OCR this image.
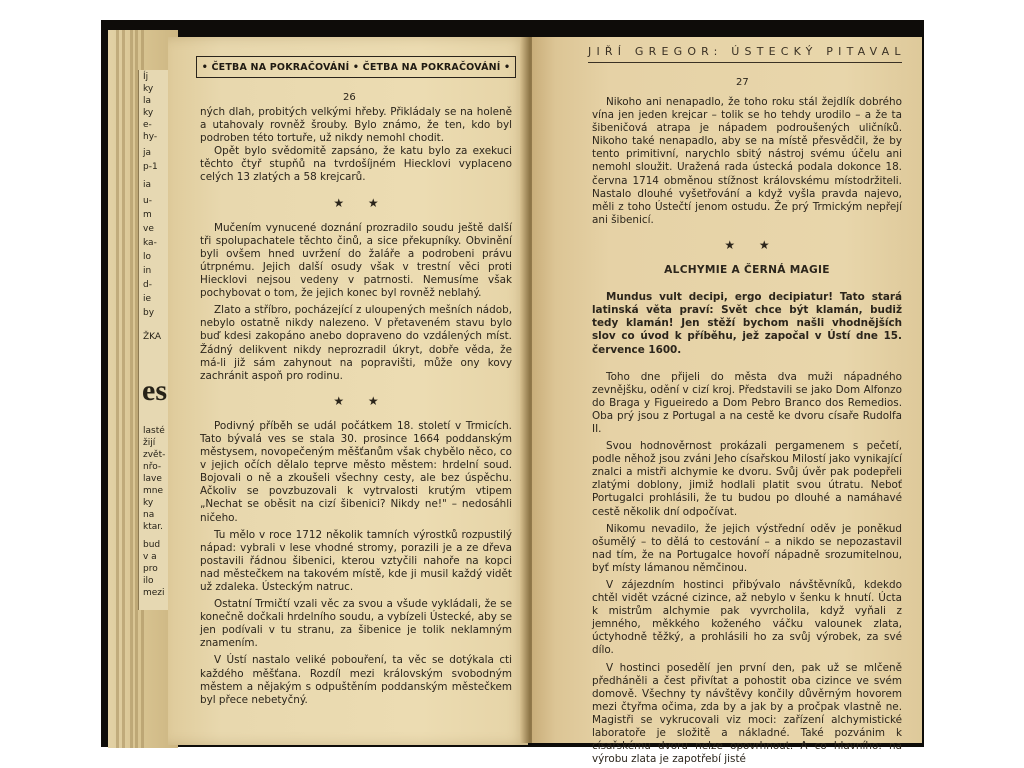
Íj
ky
la
ky
e-
hy-
ja
p-1
ia
u-
m
ve
ka-
lo
in
d-
ie
by
ŽKA
es
lasté
žijí
zvět-
nřo-
lave
mne
ky
na
ktar.
bud
v a
pro
ilo
mezi
• ČETBA NA POKRAČOVÁNÍ • ČETBA NA POKRAČOVÁNÍ •
26

ných dlah, probitých velkými hřeby. Přikládaly se na holeně a utahovaly rovněž šrouby. Bylo známo, že ten, kdo byl podroben této tortuře, už nikdy nemohl chodit.

Opět bylo svědomitě zapsáno, že katu bylo za exekuci těchto čtyř stupňů na tvrdošíjném Hiecklovi vyplaceno celých 13 zlatých a 58 krejcarů.

★ ★

Mučením vynucené doznání prozradilo soudu ještě další tři spolupachatele těchto činů, a sice překupníky. Obvinění byli ovšem hned uvržení do žaláře a podrobeni právu útrpnému. Jejich další osudy však v trestní věci proti Hiecklovi nejsou vedeny v patrnosti. Nemusíme však pochybovat o tom, že jejich konec byl rovněž neblahý.

Zlato a stříbro, pocházející z uloupených mešních nádob, nebylo ostatně nikdy nalezeno. V přetaveném stavu bylo buď kdesi zakopáno anebo dopraveno do vzdálených míst. Žádný delikvent nikdy neprozradil úkryt, dobře věda, že má-li již sám zahynout na popravišti, může ony kovy zachránit aspoň pro rodinu.

★ ★

Podivný příběh se udál počátkem 18. století v Trmicích. Tato bývalá ves se stala 30. prosince 1664 poddanským městysem, novopečeným měšťanům však chybělo něco, co v jejich očích dělalo teprve město městem: hrdelní soud. Bojovali o ně a zkoušeli všechny cesty, ale bez úspěchu. Ačkoliv se povzbuzovali k vytrvalosti krutým vtipem „Nechat se oběsit na cizí šibenici? Nikdy ne!" – nedosáhli ničeho.

Tu mělo v roce 1712 několik tamních výrostků rozpustilý nápad: vybrali v lese vhodné stromy, porazili je a ze dřeva postavili řádnou šibenici, kterou vztyčili nahoře na kopci nad městečkem na takovém místě, kde ji musil každý vidět už zdaleka. Ústeckým natruc.

Ostatní Trmičtí vzali věc za svou a všude vykládali, že se konečně dočkali hrdelního soudu, a vybízeli Ústecké, aby se jen podívali v tu stranu, za šibenice je tolik neklamným znamením.

V Ústí nastalo veliké pobouření, ta věc se dotýkala cti každého měšťana. Rozdíl mezi královským svobodným městem a nějakým s odpuštěním poddanským městečkem byl přece nebetyčný.

JIŘÍ GREGOR: ÚSTECKÝ PITAVAL
27

Nikoho ani nenapadlo, že toho roku stál žejdlík dobrého vína jen jeden krejcar – tolik se ho tehdy urodilo – a že ta šibeničová atrapa je nápadem podroušených uličníků. Nikoho také nenapadlo, aby se na místě přesvědčil, že by tento primitivní, narychlo sbitý nástroj svému účelu ani nemohl sloužit. Uražená rada ústecká podala dokonce 18. června 1714 obměnou stížnost královskému místodržiteli. Nastalo dlouhé vyšetřování a když vyšla pravda najevo, měli z toho Ústečtí jenom ostudu. Že prý Trmickým nepřejí ani šibenicí.

★ ★
ALCHYMIE A ČERNÁ MAGIE

Mundus vult decipi, ergo decipiatur! Tato stará latinská věta praví: Svět chce být klamán, budiž tedy klamán! Jen stěží bychom našli vhodnějších slov co úvod k příběhu, jež započal v Ústí dne 15. července 1600.

Toho dne přijeli do města dva muži nápadného zevnějšku, odění v cizí kroj. Představili se jako Dom Alfonzo do Braga y Figueiredo a Dom Pebro Branco dos Remedios. Oba prý jsou z Portugal a na cestě ke dvoru císaře Rudolfa II.

Svou hodnověrnost prokázali pergamenem s pečetí, podle něhož jsou zváni Jeho císařskou Milostí jako vynikající znalci a mistři alchymie ke dvoru. Svůj úvěr pak podepřeli zlatými doblony, jimiž hodlali platit svou útratu. Neboť Portugalci prohlásili, že tu budou po dlouhé a namáhavé cestě několik dní odpočívat.

Nikomu nevadilo, že jejich výstřední oděv je poněkud ošumělý – to dělá to cestování – a nikdo se nepozastavil nad tím, že na Portugalce hovoří nápadně srozumitelnou, byť místy lámanou němčinou.

V zájezdním hostinci přibývalo návštěvníků, kdekdo chtěl vidět vzácné cizince, až nebylo v šenku k hnutí. Úcta k mistrům alchymie pak vyvrcholila, když vyňali z jemného, měkkého koženého váčku valounek zlata, úctyhodně těžký, a prohlásili ho za svůj výrobek, za své dílo.

V hostinci posedělí jen první den, pak už se mlčeně předháněli a čest přivítat a pohostit oba cizince ve svém domově. Všechny ty návštěvy končily důvěrným hovorem mezi čtyřma očima, zda by a jak by a pročpak vlastně ne. Magistři se vykrucovali viz moci: zařízení alchymistické laboratoře je složitě a nákladné. Také pozvánim k císařskému dvoru nelze opovrhnout. A co hlavního: na výrobu zlata je zapotřebí jisté
